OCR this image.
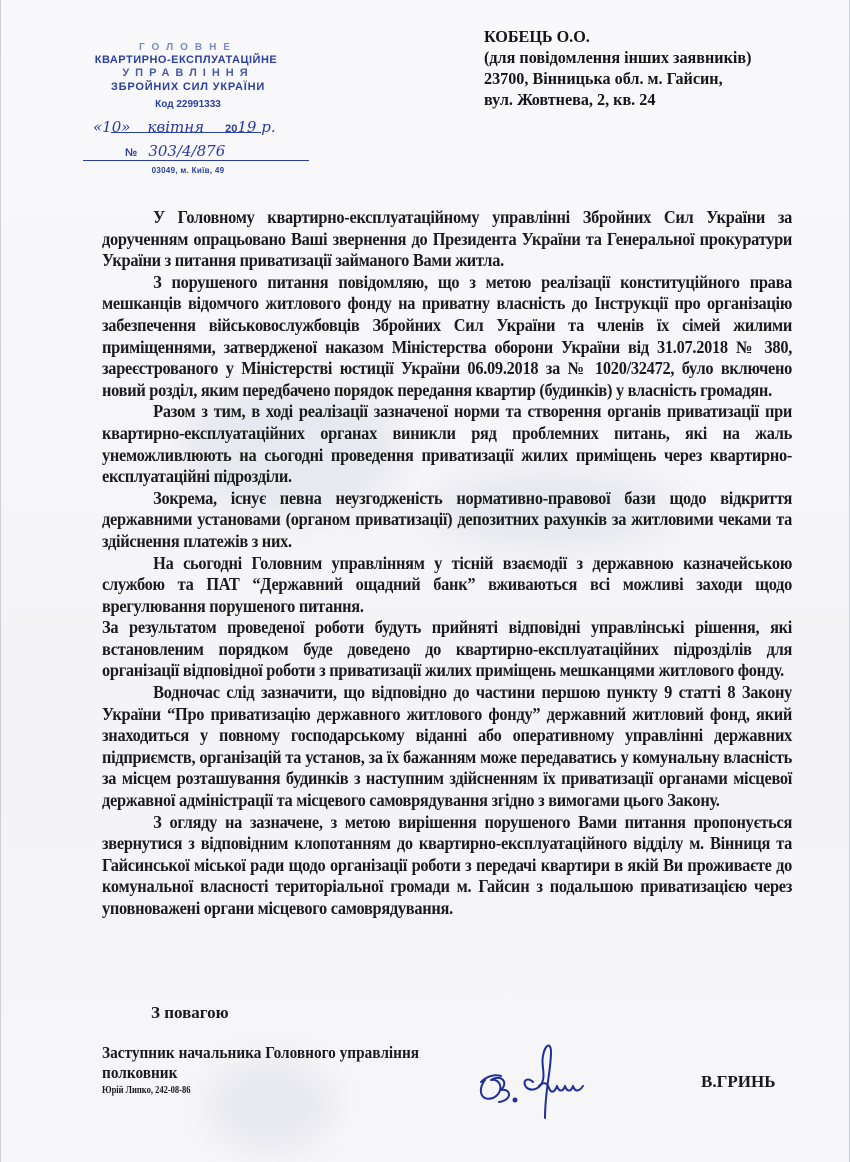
ГОЛОВНЕ
КВАРТИРНО-ЕКСПЛУАТАЦІЙНЕ
УПРАВЛІННЯ
ЗБРОЙНИХ СИЛ УКРАЇНИ
Код 22991333
«10» квітня 2019 р.
№ 303/4/876
03049, м. Київ, 49
КОБЕЦЬ О.О.
(для повідомлення інших заявників)
23700, Вінницька обл. м. Гайсин,
вул. Жовтнева, 2, кв. 24

У Головному квартирно-експлуатаційному управлінні Збройних Сил України за дорученням опрацьовано Ваші звернення до Президента України та Генеральної прокуратури України з питання приватизації займаного Вами житла.

З порушеного питання повідомляю, що з метою реалізації конституційного права мешканців відомчого житлового фонду на приватну власність до Інструкції про організацію забезпечення військовослужбовців Збройних Сил України та членів їх сімей жилими приміщеннями, затвердженої наказом Міністерства оборони України від 31.07.2018 № 380, зареєстрованого у Міністерстві юстиції України 06.09.2018 за № 1020/32472, було включено новий розділ, яким передбачено порядок передання квартир (будинків) у власність громадян.

Разом з тим, в ході реалізації зазначеної норми та створення органів приватизації при квартирно-експлуатаційних органах виникли ряд проблемних питань, які на жаль унеможливлюють на сьогодні проведення приватизації жилих приміщень через квартирно-експлуатаційні підрозділи.

Зокрема, існує певна неузгодженість нормативно-правової бази щодо відкриття державними установами (органом приватизації) депозитних рахунків за житловими чеками та здійснення платежів з них.

На сьогодні Головним управлінням у тісній взаємодії з державною казначейською службою та ПАТ “Державний ощадний банк” вживаються всі можливі заходи щодо врегулювання порушеного питання.

За результатом проведеної роботи будуть прийняті відповідні управлінські рішення, які встановленим порядком буде доведено до квартирно-експлуатаційних підрозділів для організації відповідної роботи з приватизації жилих приміщень мешканцями житлового фонду.

Водночас слід зазначити, що відповідно до частини першою пункту 9 статті 8 Закону України “Про приватизацію державного житлового фонду” державний житловий фонд, який знаходиться у повному господарському віданні або оперативному управлінні державних підприємств, організацій та установ, за їх бажанням може передаватись у комунальну власність за місцем розташування будинків з наступним здійсненням їх приватизації органами місцевої державної адміністрації та місцевого самоврядування згідно з вимогами цього Закону.

З огляду на зазначене, з метою вирішення порушеного Вами питання пропонується звернутися з відповідним клопотанням до квартирно-експлуатаційного відділу м. Вінниця та Гайсинської міської ради щодо організації роботи з передачі квартири в якій Ви проживаєте до комунальної власності територіальної громади м. Гайсин з подальшою приватизацією через уповноважені органи місцевого самоврядування.

З повагою
Заступник начальника Головного управління
полковник
Юрій Липко, 242-08-86	В.ГРИНЬ
